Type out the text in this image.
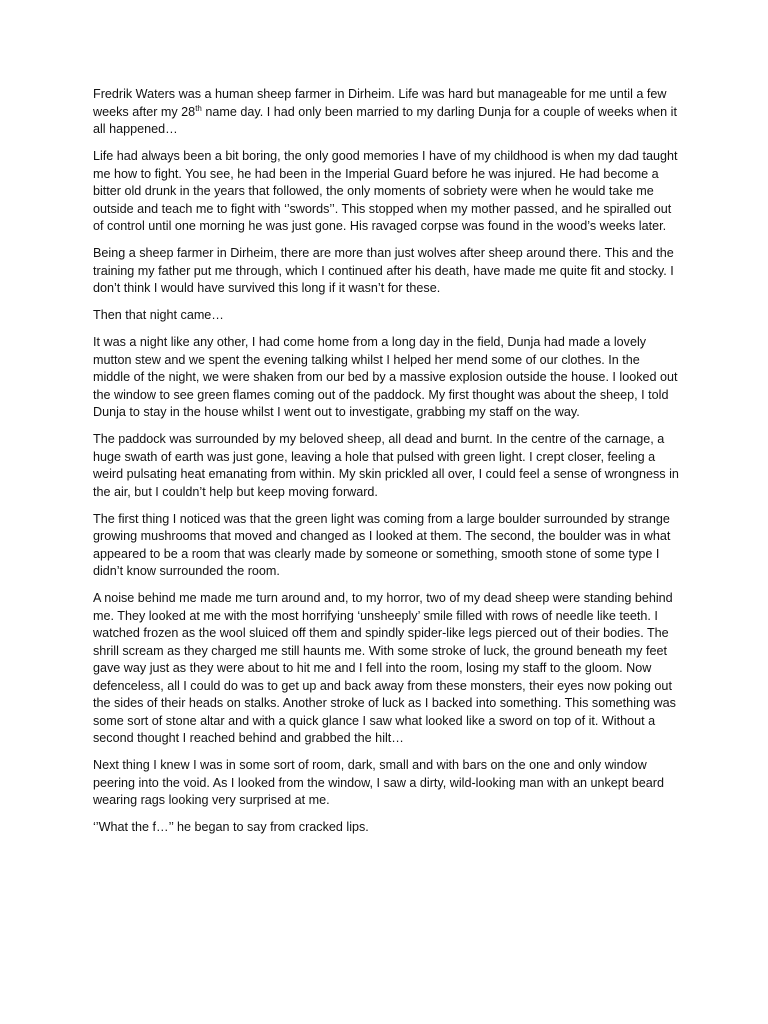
Fredrik Waters was a human sheep farmer in Dirheim. Life was hard but manageable for me until a few weeks after my 28th name day. I had only been married to my darling Dunja for a couple of weeks when it all happened…

Life had always been a bit boring, the only good memories I have of my childhood is when my dad taught me how to fight. You see, he had been in the Imperial Guard before he was injured. He had become a bitter old drunk in the years that followed, the only moments of sobriety were when he would take me outside and teach me to fight with ‘’swords’’. This stopped when my mother passed, and he spiralled out of control until one morning he was just gone. His ravaged corpse was found in the wood’s weeks later.

Being a sheep farmer in Dirheim, there are more than just wolves after sheep around there. This and the training my father put me through, which I continued after his death, have made me quite fit and stocky. I don’t think I would have survived this long if it wasn’t for these.

Then that night came…

It was a night like any other, I had come home from a long day in the field, Dunja had made a lovely mutton stew and we spent the evening talking whilst I helped her mend some of our clothes. In the middle of the night, we were shaken from our bed by a massive explosion outside the house. I looked out the window to see green flames coming out of the paddock. My first thought was about the sheep, I told Dunja to stay in the house whilst I went out to investigate, grabbing my staff on the way.

The paddock was surrounded by my beloved sheep, all dead and burnt. In the centre of the carnage, a huge swath of earth was just gone, leaving a hole that pulsed with green light. I crept closer, feeling a weird pulsating heat emanating from within. My skin prickled all over, I could feel a sense of wrongness in the air, but I couldn’t help but keep moving forward.

The first thing I noticed was that the green light was coming from a large boulder surrounded by strange growing mushrooms that moved and changed as I looked at them. The second, the boulder was in what appeared to be a room that was clearly made by someone or something, smooth stone of some type I didn’t know surrounded the room.

A noise behind me made me turn around and, to my horror, two of my dead sheep were standing behind me. They looked at me with the most horrifying ‘unsheeply’ smile filled with rows of needle like teeth. I watched frozen as the wool sluiced off them and spindly spider-like legs pierced out of their bodies. The shrill scream as they charged me still haunts me. With some stroke of luck, the ground beneath my feet gave way just as they were about to hit me and I fell into the room, losing my staff to the gloom. Now defenceless, all I could do was to get up and back away from these monsters, their eyes now poking out the sides of their heads on stalks. Another stroke of luck as I backed into something. This something was some sort of stone altar and with a quick glance I saw what looked like a sword on top of it. Without a second thought I reached behind and grabbed the hilt…

Next thing I knew I was in some sort of room, dark, small and with bars on the one and only window peering into the void. As I looked from the window, I saw a dirty, wild-looking man with an unkept beard wearing rags looking very surprised at me.

‘’What the f…’’ he began to say from cracked lips.
